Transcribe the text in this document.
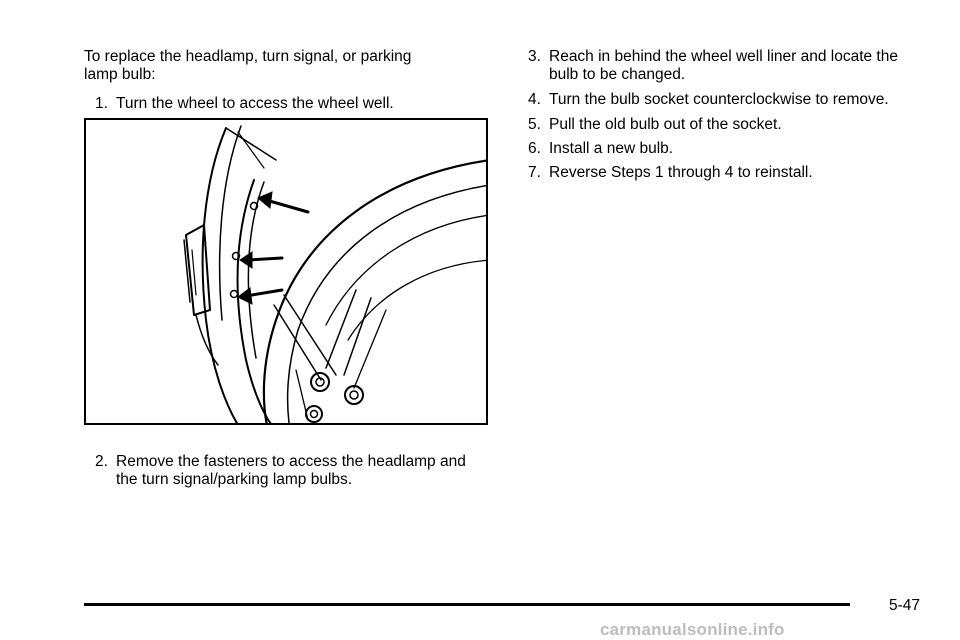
To replace the headlamp, turn signal, or parking
lamp bulb:
1. Turn the wheel to access the wheel well.
2. Remove the fasteners to access the headlamp and
the turn signal/parking lamp bulbs.
3. Reach in behind the wheel well liner and locate the
bulb to be changed.
4. Turn the bulb socket counterclockwise to remove.
5. Pull the old bulb out of the socket.
6. Install a new bulb.
7. Reverse Steps 1 through 4 to reinstall.
5-47
carmanualsonline.info
